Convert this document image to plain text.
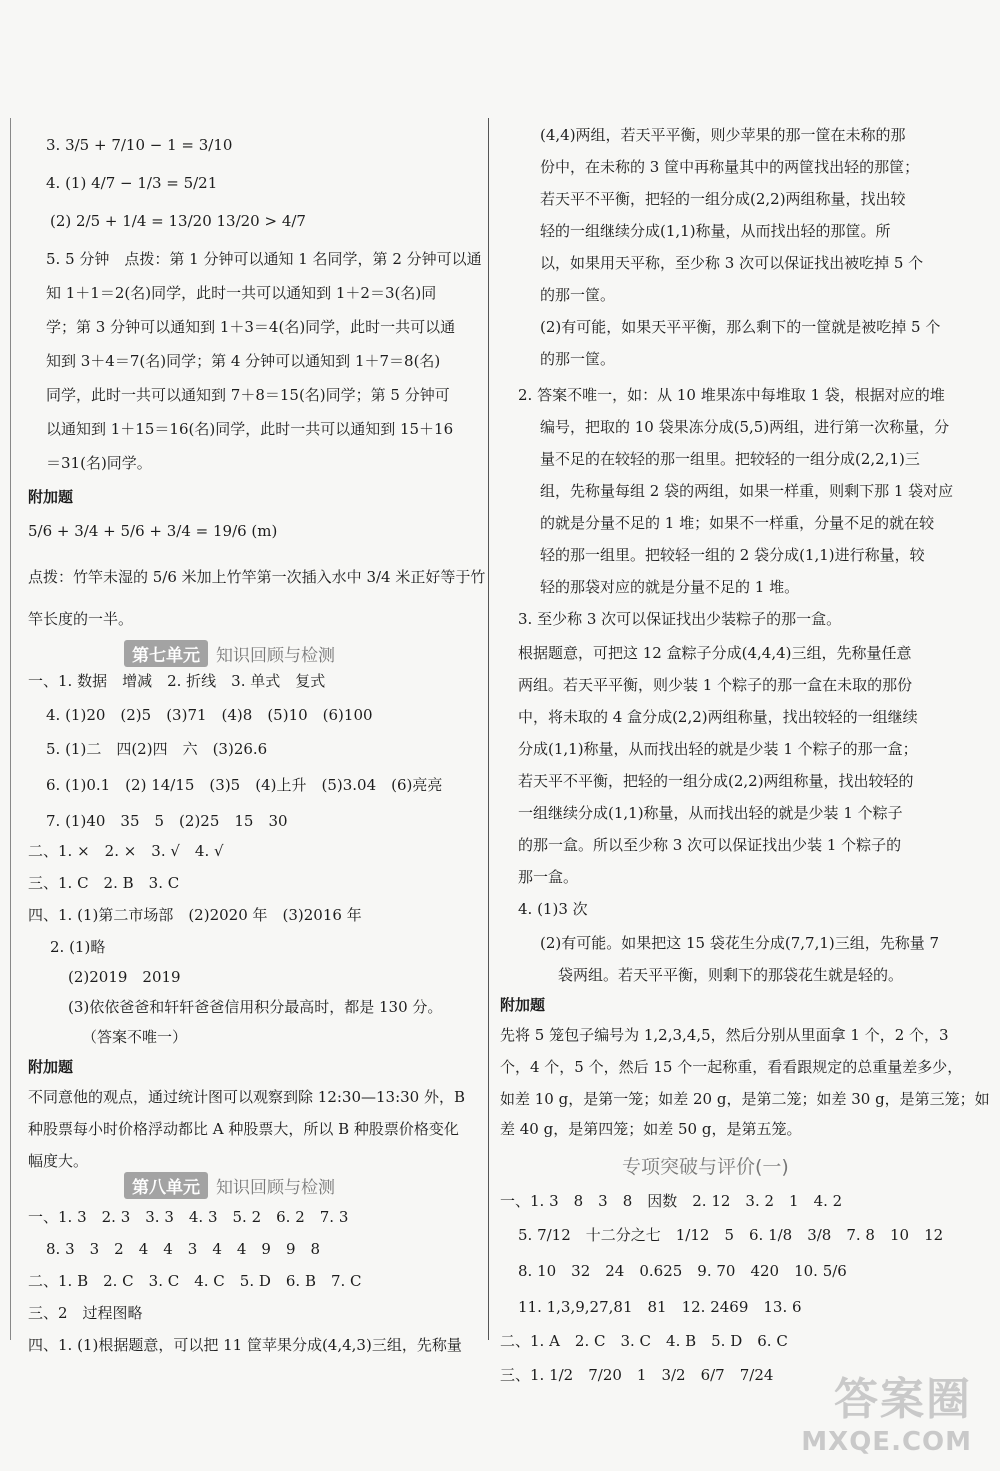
3. 3/5 + 7/10 − 1 = 3/10
4. (1) 4/7 − 1/3 = 5/21
(2) 2/5 + 1/4 = 13/20 13/20 > 4/7
5. 5 分钟　点拨：第 1 分钟可以通知 1 名同学，第 2 分钟可以通
知 1＋1＝2(名)同学，此时一共可以通知到 1＋2＝3(名)同
学；第 3 分钟可以通知到 1＋3＝4(名)同学，此时一共可以通
知到 3＋4＝7(名)同学；第 4 分钟可以通知到 1＋7＝8(名)
同学，此时一共可以通知到 7＋8＝15(名)同学；第 5 分钟可
以通知到 1＋15＝16(名)同学，此时一共可以通知到 15＋16
＝31(名)同学。
附加题
5/6 + 3/4 + 5/6 + 3/4 = 19/6 (m)
点拨：竹竿未湿的 5/6 米加上竹竿第一次插入水中 3/4 米正好等于竹
竿长度的一半。
第七单元 知识回顾与检测
一、1. 数据　增减　2. 折线　3. 单式　复式
4. (1)20　(2)5　(3)71　(4)8　(5)10　(6)100
5. (1)二　四(2)四　六　(3)26.6
6. (1)0.1　(2) 14/15　(3)5　(4)上升　(5)3.04　(6)亮亮
7. (1)40　35　5　(2)25　15　30
二、1. ×　2. ×　3. √　4. √
三、1. C　2. B　3. C
四、1. (1)第二市场部　(2)2020 年　(3)2016 年
2. (1)略
(2)2019　2019
(3)依依爸爸和轩轩爸爸信用积分最高时，都是 130 分。
（答案不唯一）
附加题
不同意他的观点，通过统计图可以观察到除 12:30—13:30 外，B
种股票每小时价格浮动都比 A 种股票大，所以 B 种股票价格变化
幅度大。
第八单元 知识回顾与检测
一、1. 3　2. 3　3. 3　4. 3　5. 2　6. 2　7. 3
8. 3　3　2　4　4　3　4　4　9　9　8
二、1. B　2. C　3. C　4. C　5. D　6. B　7. C
三、2　过程图略
四、1. (1)根据题意，可以把 11 筐苹果分成(4,4,3)三组，先称量
(4,4)两组，若天平平衡，则少苹果的那一筐在未称的那
份中，在未称的 3 筐中再称量其中的两筐找出轻的那筐；
若天平不平衡，把轻的一组分成(2,2)两组称量，找出较
轻的一组继续分成(1,1)称量，从而找出轻的那筐。所
以，如果用天平称，至少称 3 次可以保证找出被吃掉 5 个
的那一筐。
(2)有可能，如果天平平衡，那么剩下的一筐就是被吃掉 5 个
的那一筐。
2. 答案不唯一，如：从 10 堆果冻中每堆取 1 袋，根据对应的堆
编号，把取的 10 袋果冻分成(5,5)两组，进行第一次称量，分
量不足的在较轻的那一组里。把较轻的一组分成(2,2,1)三
组，先称量每组 2 袋的两组，如果一样重，则剩下那 1 袋对应
的就是分量不足的 1 堆；如果不一样重，分量不足的就在较
轻的那一组里。把较轻一组的 2 袋分成(1,1)进行称量，较
轻的那袋对应的就是分量不足的 1 堆。
3. 至少称 3 次可以保证找出少装粽子的那一盒。
根据题意，可把这 12 盒粽子分成(4,4,4)三组，先称量任意
两组。若天平平衡，则少装 1 个粽子的那一盒在未取的那份
中，将未取的 4 盒分成(2,2)两组称量，找出较轻的一组继续
分成(1,1)称量，从而找出轻的就是少装 1 个粽子的那一盒；
若天平不平衡，把轻的一组分成(2,2)两组称量，找出较轻的
一组继续分成(1,1)称量，从而找出轻的就是少装 1 个粽子
的那一盒。所以至少称 3 次可以保证找出少装 1 个粽子的
那一盒。
4. (1)3 次
(2)有可能。如果把这 15 袋花生分成(7,7,1)三组，先称量 7
袋两组。若天平平衡，则剩下的那袋花生就是轻的。
附加题
先将 5 笼包子编号为 1,2,3,4,5，然后分别从里面拿 1 个，2 个，3
个，4 个，5 个，然后 15 个一起称重，看看跟规定的总重量差多少，
如差 10 g，是第一笼；如差 20 g，是第二笼；如差 30 g，是第三笼；如
差 40 g，是第四笼；如差 50 g，是第五笼。
专项突破与评价(一)
一、1. 3　8　3　8　因数　2. 12　3. 2　1　4. 2
5. 7/12　十二分之七　1/12　5　6. 1/8　3/8　7. 8　10　12
8. 10　32　24　0.625　9. 70　420　10. 5/6
11. 1,3,9,27,81　81　12. 2469　13. 6
二、1. A　2. C　3. C　4. B　5. D　6. C
三、1. 1/2　7/20　1　3/2　6/7　7/24	答案圈
MXQE.COM
